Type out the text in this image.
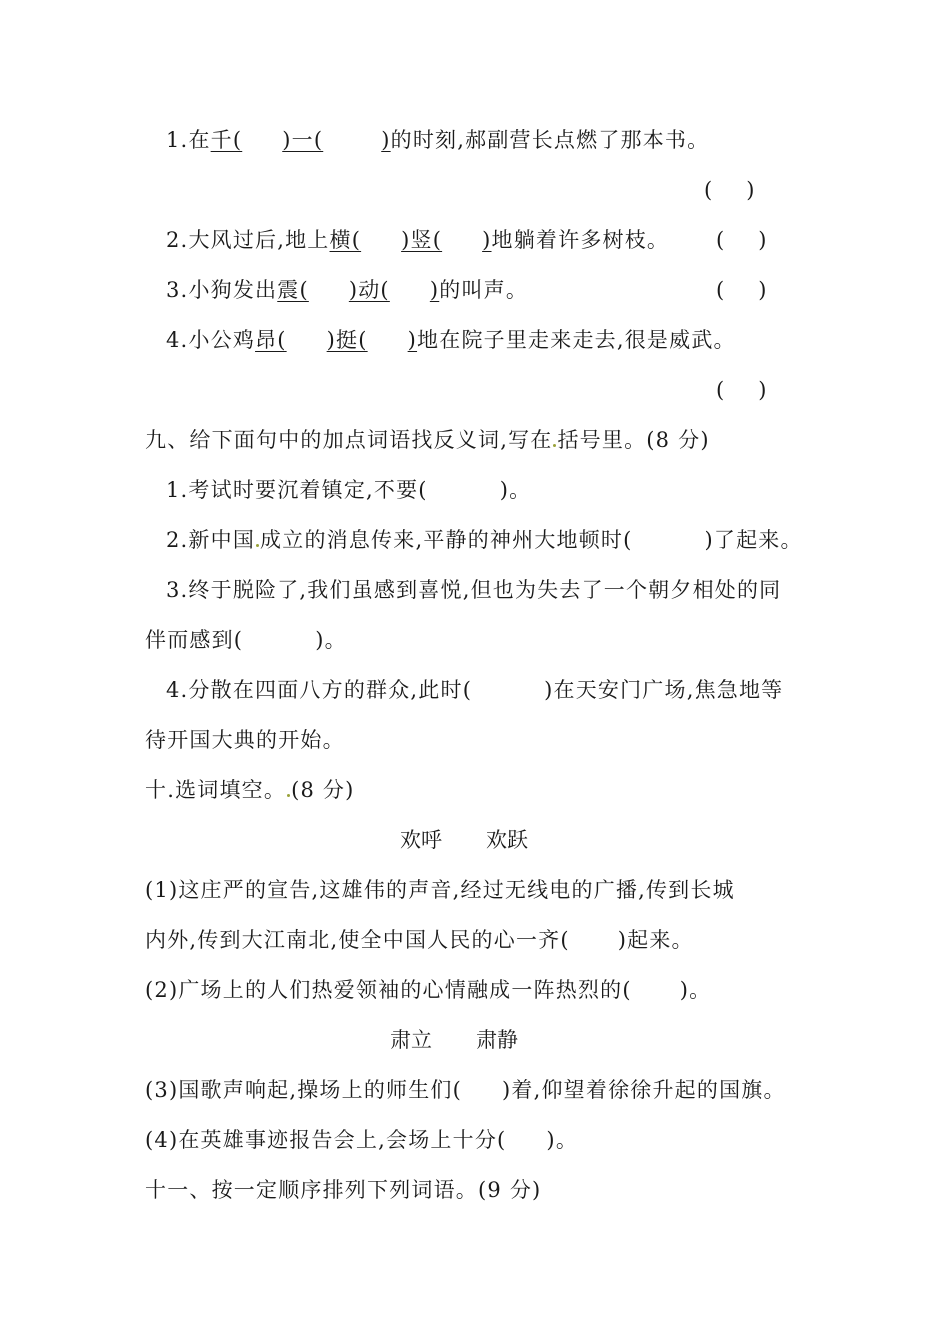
1.在千( )一(	)的时刻,郝副营长点燃了那本书。
( )
2.大风过后,地上横( )竖( )地躺着许多树枝。 ( )
3.小狗发出震( )动( )的叫声。	( )
4.小公鸡昂( )挺( )地在院子里走来走去,很是威武。
( )
九、给下面句中的加点词语找反义词,写在 括号里。(8 分)
1.考试时要沉着镇定,不要(	)。
2.新中国 成立的消息传来,平静的神州大地顿时(	)了起来。
3.终于脱险了,我们虽感到喜悦,但也为失去了一个朝夕相处的同
伴而感到(	)。
4.分散在四面八方的群众,此时(	)在天安门广场,焦急地等
待开国大典的开始。
十.选词填空。 (8 分)
欢呼 欢跃
(1)这庄严的宣告,这雄伟的声音,经过无线电的广播,传到长城
内外,传到大江南北,使全中国人民的心一齐( )起来。
(2)广场上的人们热爱领袖的心情融成一阵热烈的( )。
肃立 肃静
(3)国歌声响起,操场上的师生们( )着,仰望着徐徐升起的国旗。
(4)在英雄事迹报告会上,会场上十分( )。
十一、按一定顺序排列下列词语。(9 分)
